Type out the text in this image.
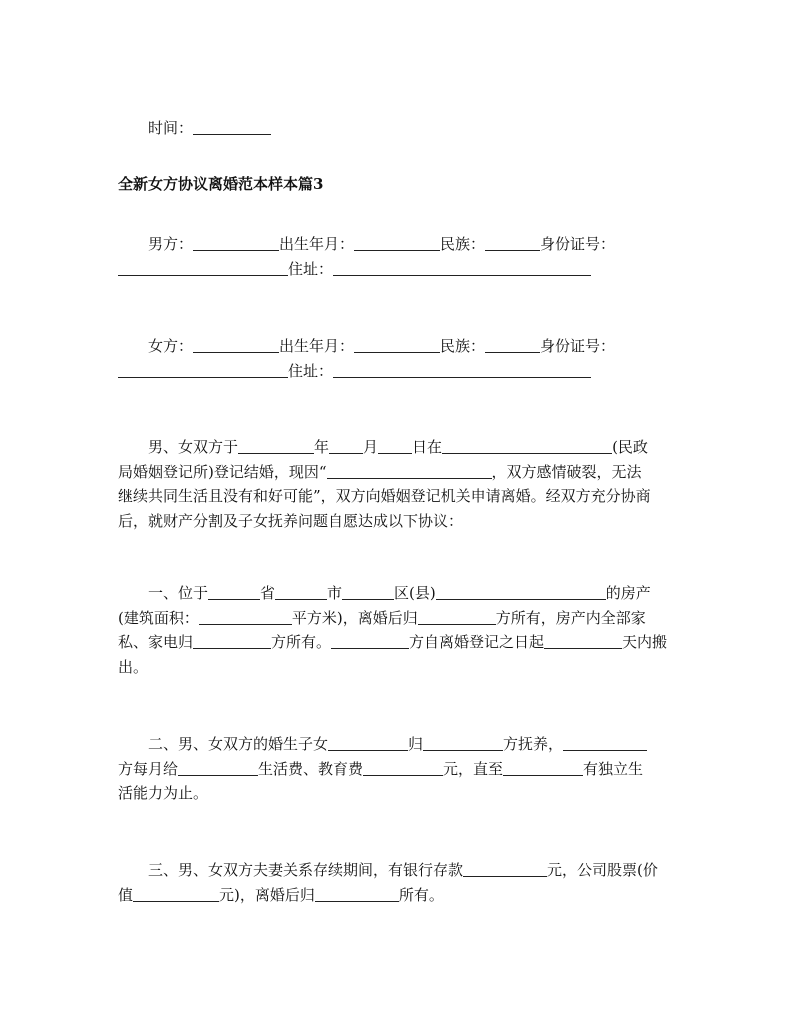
时间：

全新女方协议离婚范本样本篇3

男方：	出生年月：	民族：	身份证号：
住址：

女方：	出生年月：	民族：	身份证号：
住址：

男、女双方于	年 月 日在	(民政
局婚姻登记所)登记结婚，现因“	，双方感情破裂，无法
继续共同生活且没有和好可能”，双方向婚姻登记机关申请离婚。经双方充分协商
后，就财产分割及子女抚养问题自愿达成以下协议：

一、位于	省	市	区(县)	的房产
(建筑面积：	平方米)，离婚后归	方所有，房产内全部家
私、家电归	方所有。	方自离婚登记之日起	天内搬
出。

二、男、女双方的婚生子女	归	方抚养，
方每月给	生活费、教育费	元，直至	有独立生
活能力为止。

三、男、女双方夫妻关系存续期间，有银行存款	元，公司股票(价
值	元)，离婚后归	所有。
